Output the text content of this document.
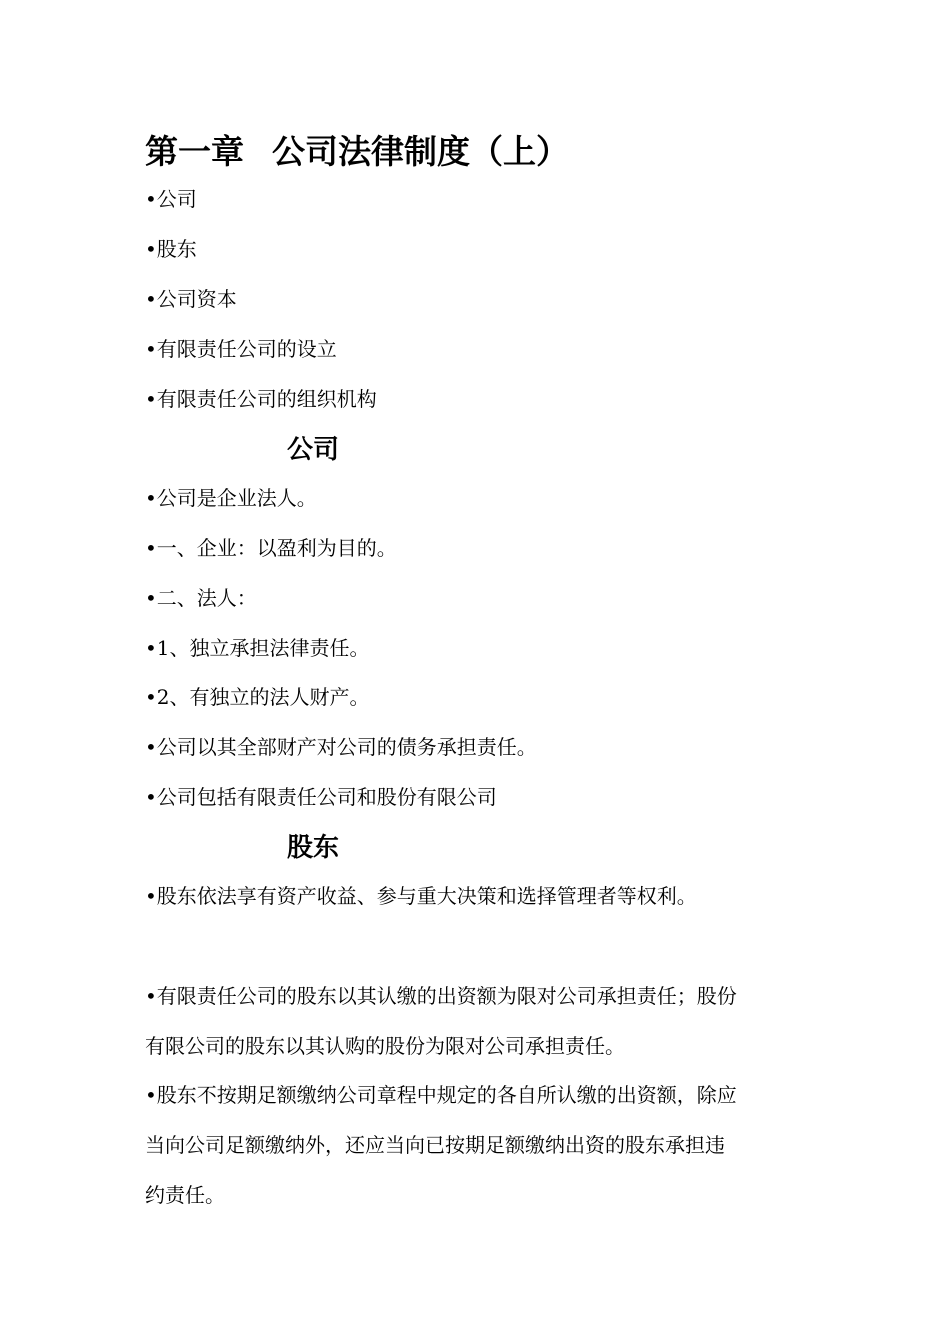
第一章 公司法律制度（上）

•公司

•股东

•公司资本

•有限责任公司的设立

•有限责任公司的组织机构

公司

•公司是企业法人。

•一、企业：以盈利为目的。

•二、法人：

•1、独立承担法律责任。

•2、有独立的法人财产。

•公司以其全部财产对公司的债务承担责任。

•公司包括有限责任公司和股份有限公司

股东

•股东依法享有资产收益、参与重大决策和选择管理者等权利。

•有限责任公司的股东以其认缴的出资额为限对公司承担责任；股份

有限公司的股东以其认购的股份为限对公司承担责任。

•股东不按期足额缴纳公司章程中规定的各自所认缴的出资额，除应

当向公司足额缴纳外，还应当向已按期足额缴纳出资的股东承担违

约责任。
